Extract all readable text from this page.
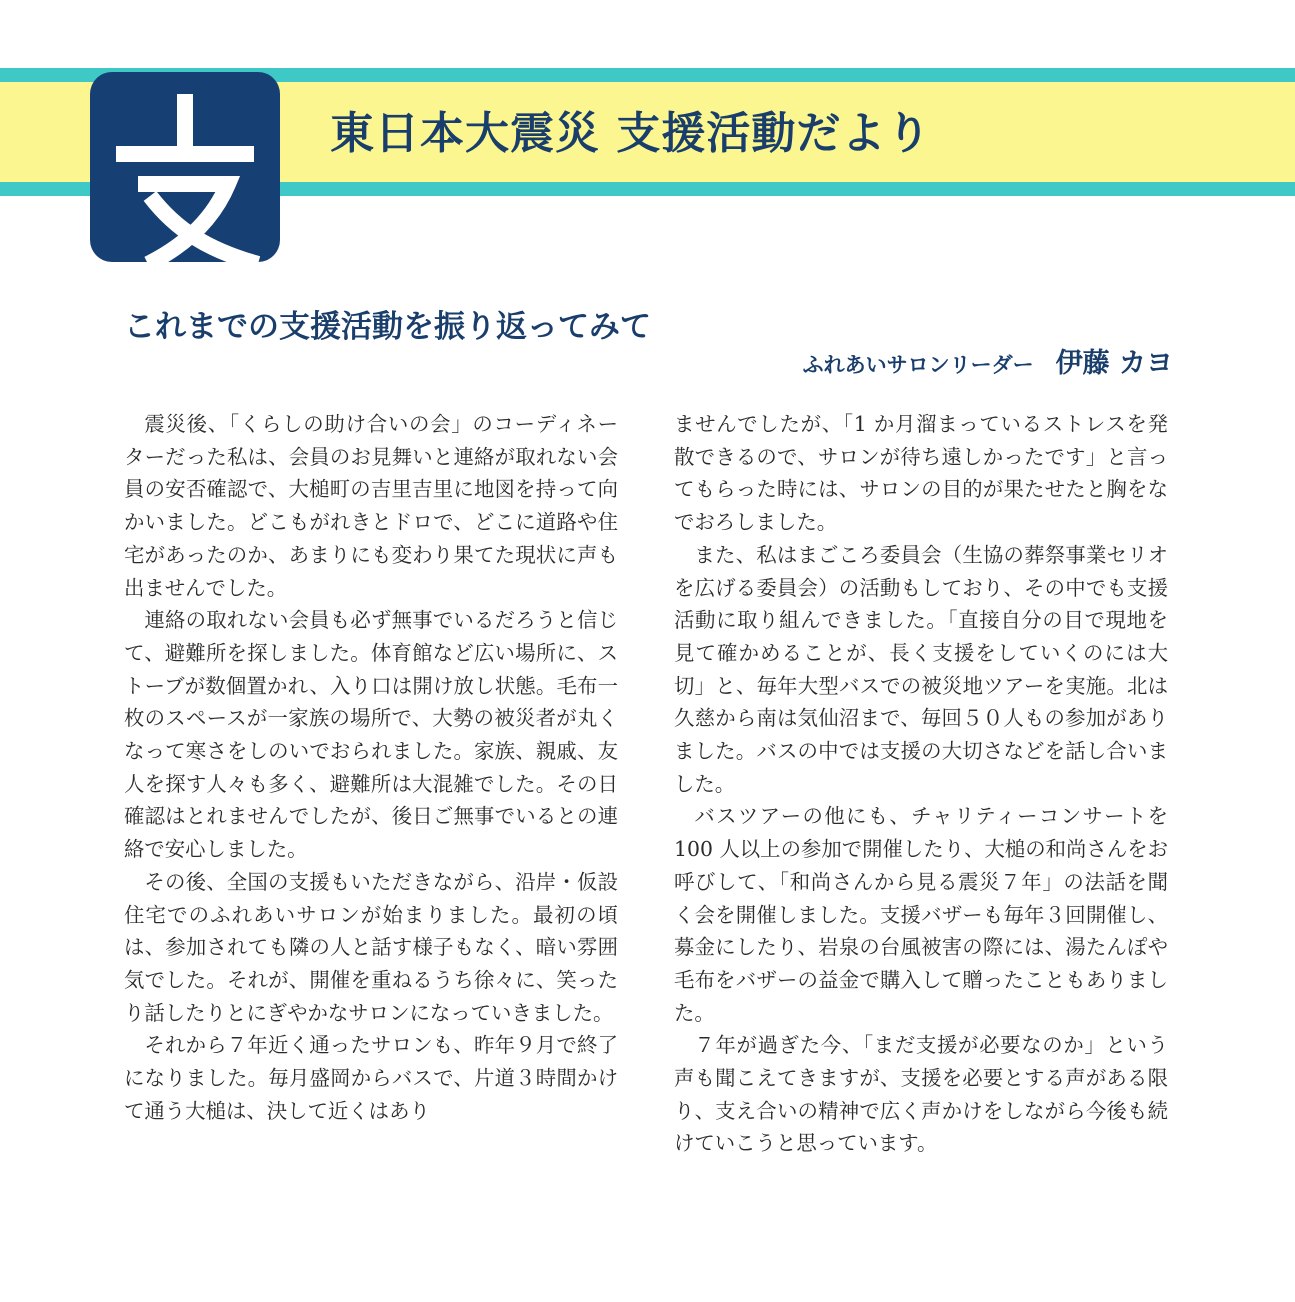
東日本大震災 支援活動だより
これまでの支援活動を振り返ってみて
ふれあいサロンリーダー 伊藤 カヨ

震災後、「くらしの助け合いの会」のコーディネーターだった私は、会員のお見舞いと連絡が取れない会員の安否確認で、大槌町の吉里吉里に地図を持って向かいました。どこもがれきとドロで、どこに道路や住宅があったのか、あまりにも変わり果てた現状に声も出ませんでした。

連絡の取れない会員も必ず無事でいるだろうと信じて、避難所を探しました。体育館など広い場所に、ストーブが数個置かれ、入り口は開け放し状態。毛布一枚のスペースが一家族の場所で、大勢の被災者が丸くなって寒さをしのいでおられました。家族、親戚、友人を探す人々も多く、避難所は大混雑でした。その日確認はとれませんでしたが、後日ご無事でいるとの連絡で安心しました。

その後、全国の支援もいただきながら、沿岸・仮設住宅でのふれあいサロンが始まりました。最初の頃は、参加されても隣の人と話す様子もなく、暗い雰囲気でした。それが、開催を重ねるうち徐々に、笑ったり話したりとにぎやかなサロンになっていきました。

それから７年近く通ったサロンも、昨年９月で終了になりました。毎月盛岡からバスで、片道３時間かけて通う大槌は、決して近くはあり

ませんでしたが、「1 か月溜まっているストレスを発散できるので、サロンが待ち遠しかったです」と言ってもらった時には、サロンの目的が果たせたと胸をなでおろしました。

また、私はまごころ委員会（生協の葬祭事業セリオを広げる委員会）の活動もしており、その中でも支援活動に取り組んできました。「直接自分の目で現地を見て確かめることが、長く支援をしていくのには大切」と、毎年大型バスでの被災地ツアーを実施。北は久慈から南は気仙沼まで、毎回５０人もの参加がありました。バスの中では支援の大切さなどを話し合いました。

バスツアーの他にも、チャリティーコンサートを 100 人以上の参加で開催したり、大槌の和尚さんをお呼びして、「和尚さんから見る震災７年」の法話を聞く会を開催しました。支援バザーも毎年３回開催し、募金にしたり、岩泉の台風被害の際には、湯たんぽや毛布をバザーの益金で購入して贈ったこともありました。

７年が過ぎた今、「まだ支援が必要なのか」という声も聞こえてきますが、支援を必要とする声がある限り、支え合いの精神で広く声かけをしながら今後も続けていこうと思っています。
